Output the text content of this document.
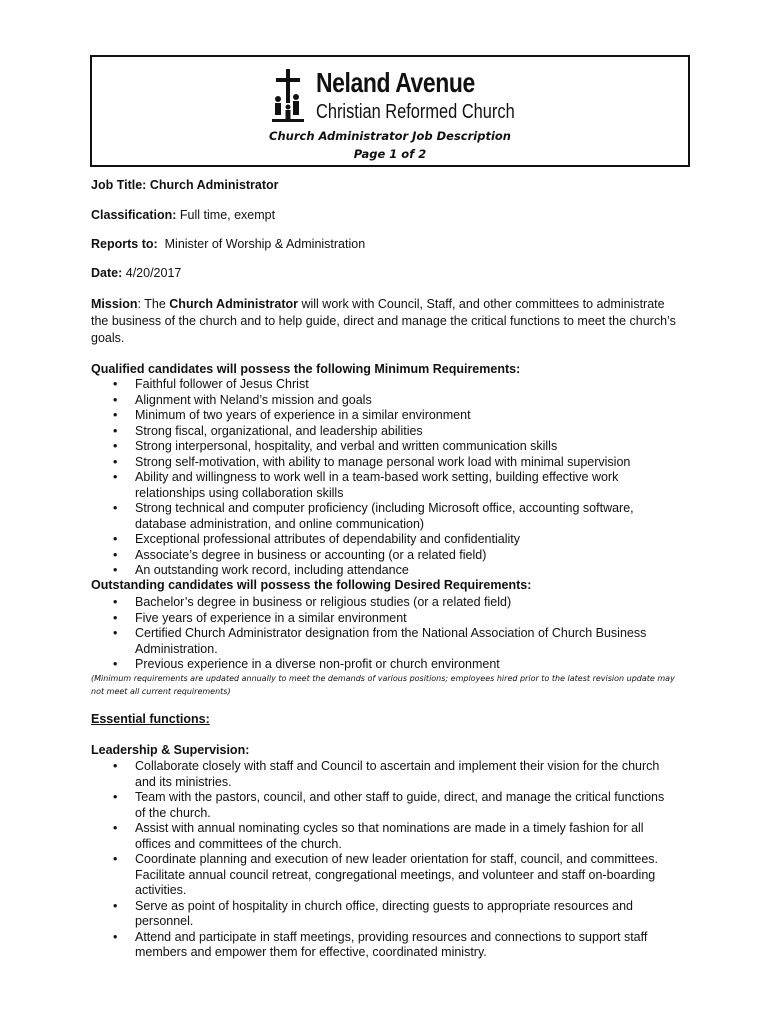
Neland Avenue
Christian Reformed Church
Church Administrator Job Description
Page 1 of 2
Job Title: Church Administrator
Classification: Full time, exempt
Reports to: Minister of Worship & Administration
Date: 4/20/2017
Mission: The Church Administrator will work with Council, Staff, and other committees to administrate the business of the church and to help guide, direct and manage the critical functions to meet the church’s goals.
Qualified candidates will possess the following Minimum Requirements:
• Faithful follower of Jesus Christ
• Alignment with Neland’s mission and goals
• Minimum of two years of experience in a similar environment
• Strong fiscal, organizational, and leadership abilities
• Strong interpersonal, hospitality, and verbal and written communication skills
• Strong self-motivation, with ability to manage personal work load with minimal supervision
• Ability and willingness to work well in a team-based work setting, building effective work relationships using collaboration skills
• Strong technical and computer proficiency (including Microsoft office, accounting software, database administration, and online communication)
• Exceptional professional attributes of dependability and confidentiality
• Associate’s degree in business or accounting (or a related field)
• An outstanding work record, including attendance
Outstanding candidates will possess the following Desired Requirements:
• Bachelor’s degree in business or religious studies (or a related field)
• Five years of experience in a similar environment
• Certified Church Administrator designation from the National Association of Church Business Administration.
• Previous experience in a diverse non-profit or church environment
(Minimum requirements are updated annually to meet the demands of various positions; employees hired prior to the latest revision update may not meet all current requirements)
Essential functions:
Leadership & Supervision:
• Collaborate closely with staff and Council to ascertain and implement their vision for the church and its ministries.
• Team with the pastors, council, and other staff to guide, direct, and manage the critical functions of the church.
• Assist with annual nominating cycles so that nominations are made in a timely fashion for all offices and committees of the church.
• Coordinate planning and execution of new leader orientation for staff, council, and committees. Facilitate annual council retreat, congregational meetings, and volunteer and staff on-boarding activities.
• Serve as point of hospitality in church office, directing guests to appropriate resources and personnel.
• Attend and participate in staff meetings, providing resources and connections to support staff members and empower them for effective, coordinated ministry.
